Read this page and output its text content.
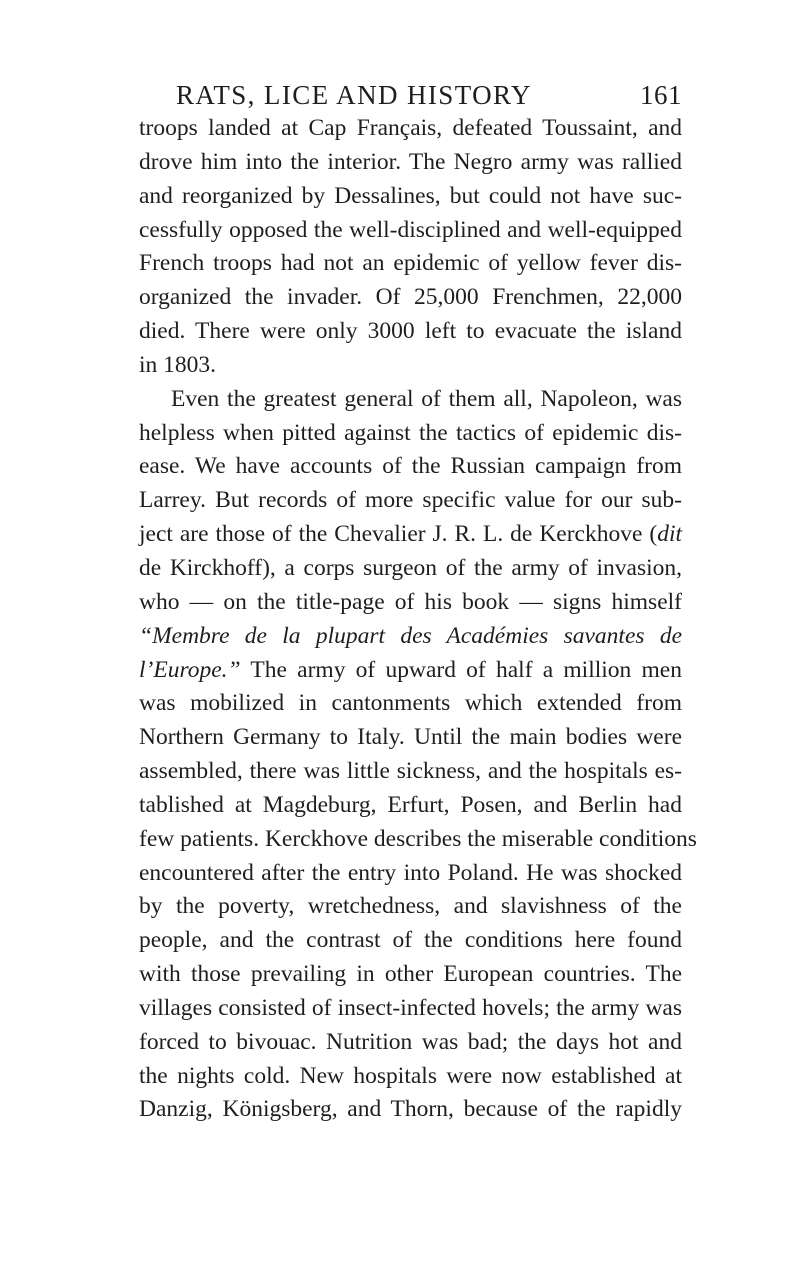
RATS, LICE AND HISTORY	161
troops landed at Cap Français, defeated Toussaint, and
drove him into the interior. The Negro army was rallied
and reorganized by Dessalines, but could not have suc-
cessfully opposed the well-disciplined and well-equipped
French troops had not an epidemic of yellow fever dis-
organized the invader. Of 25,000 Frenchmen, 22,000
died. There were only 3000 left to evacuate the island
in 1803.
Even the greatest general of them all, Napoleon, was
helpless when pitted against the tactics of epidemic dis-
ease. We have accounts of the Russian campaign from
Larrey. But records of more specific value for our sub-
ject are those of the Chevalier J. R. L. de Kerckhove (dit
de Kirckhoff), a corps surgeon of the army of invasion,
who — on the title-page of his book — signs himself
“Membre de la plupart des Académies savantes de
l’Europe.” The army of upward of half a million men
was mobilized in cantonments which extended from
Northern Germany to Italy. Until the main bodies were
assembled, there was little sickness, and the hospitals es-
tablished at Magdeburg, Erfurt, Posen, and Berlin had
few patients. Kerckhove describes the miserable conditions
encountered after the entry into Poland. He was shocked
by the poverty, wretchedness, and slavishness of the
people, and the contrast of the conditions here found
with those prevailing in other European countries. The
villages consisted of insect-infected hovels; the army was
forced to bivouac. Nutrition was bad; the days hot and
the nights cold. New hospitals were now established at
Danzig, Königsberg, and Thorn, because of the rapidly
